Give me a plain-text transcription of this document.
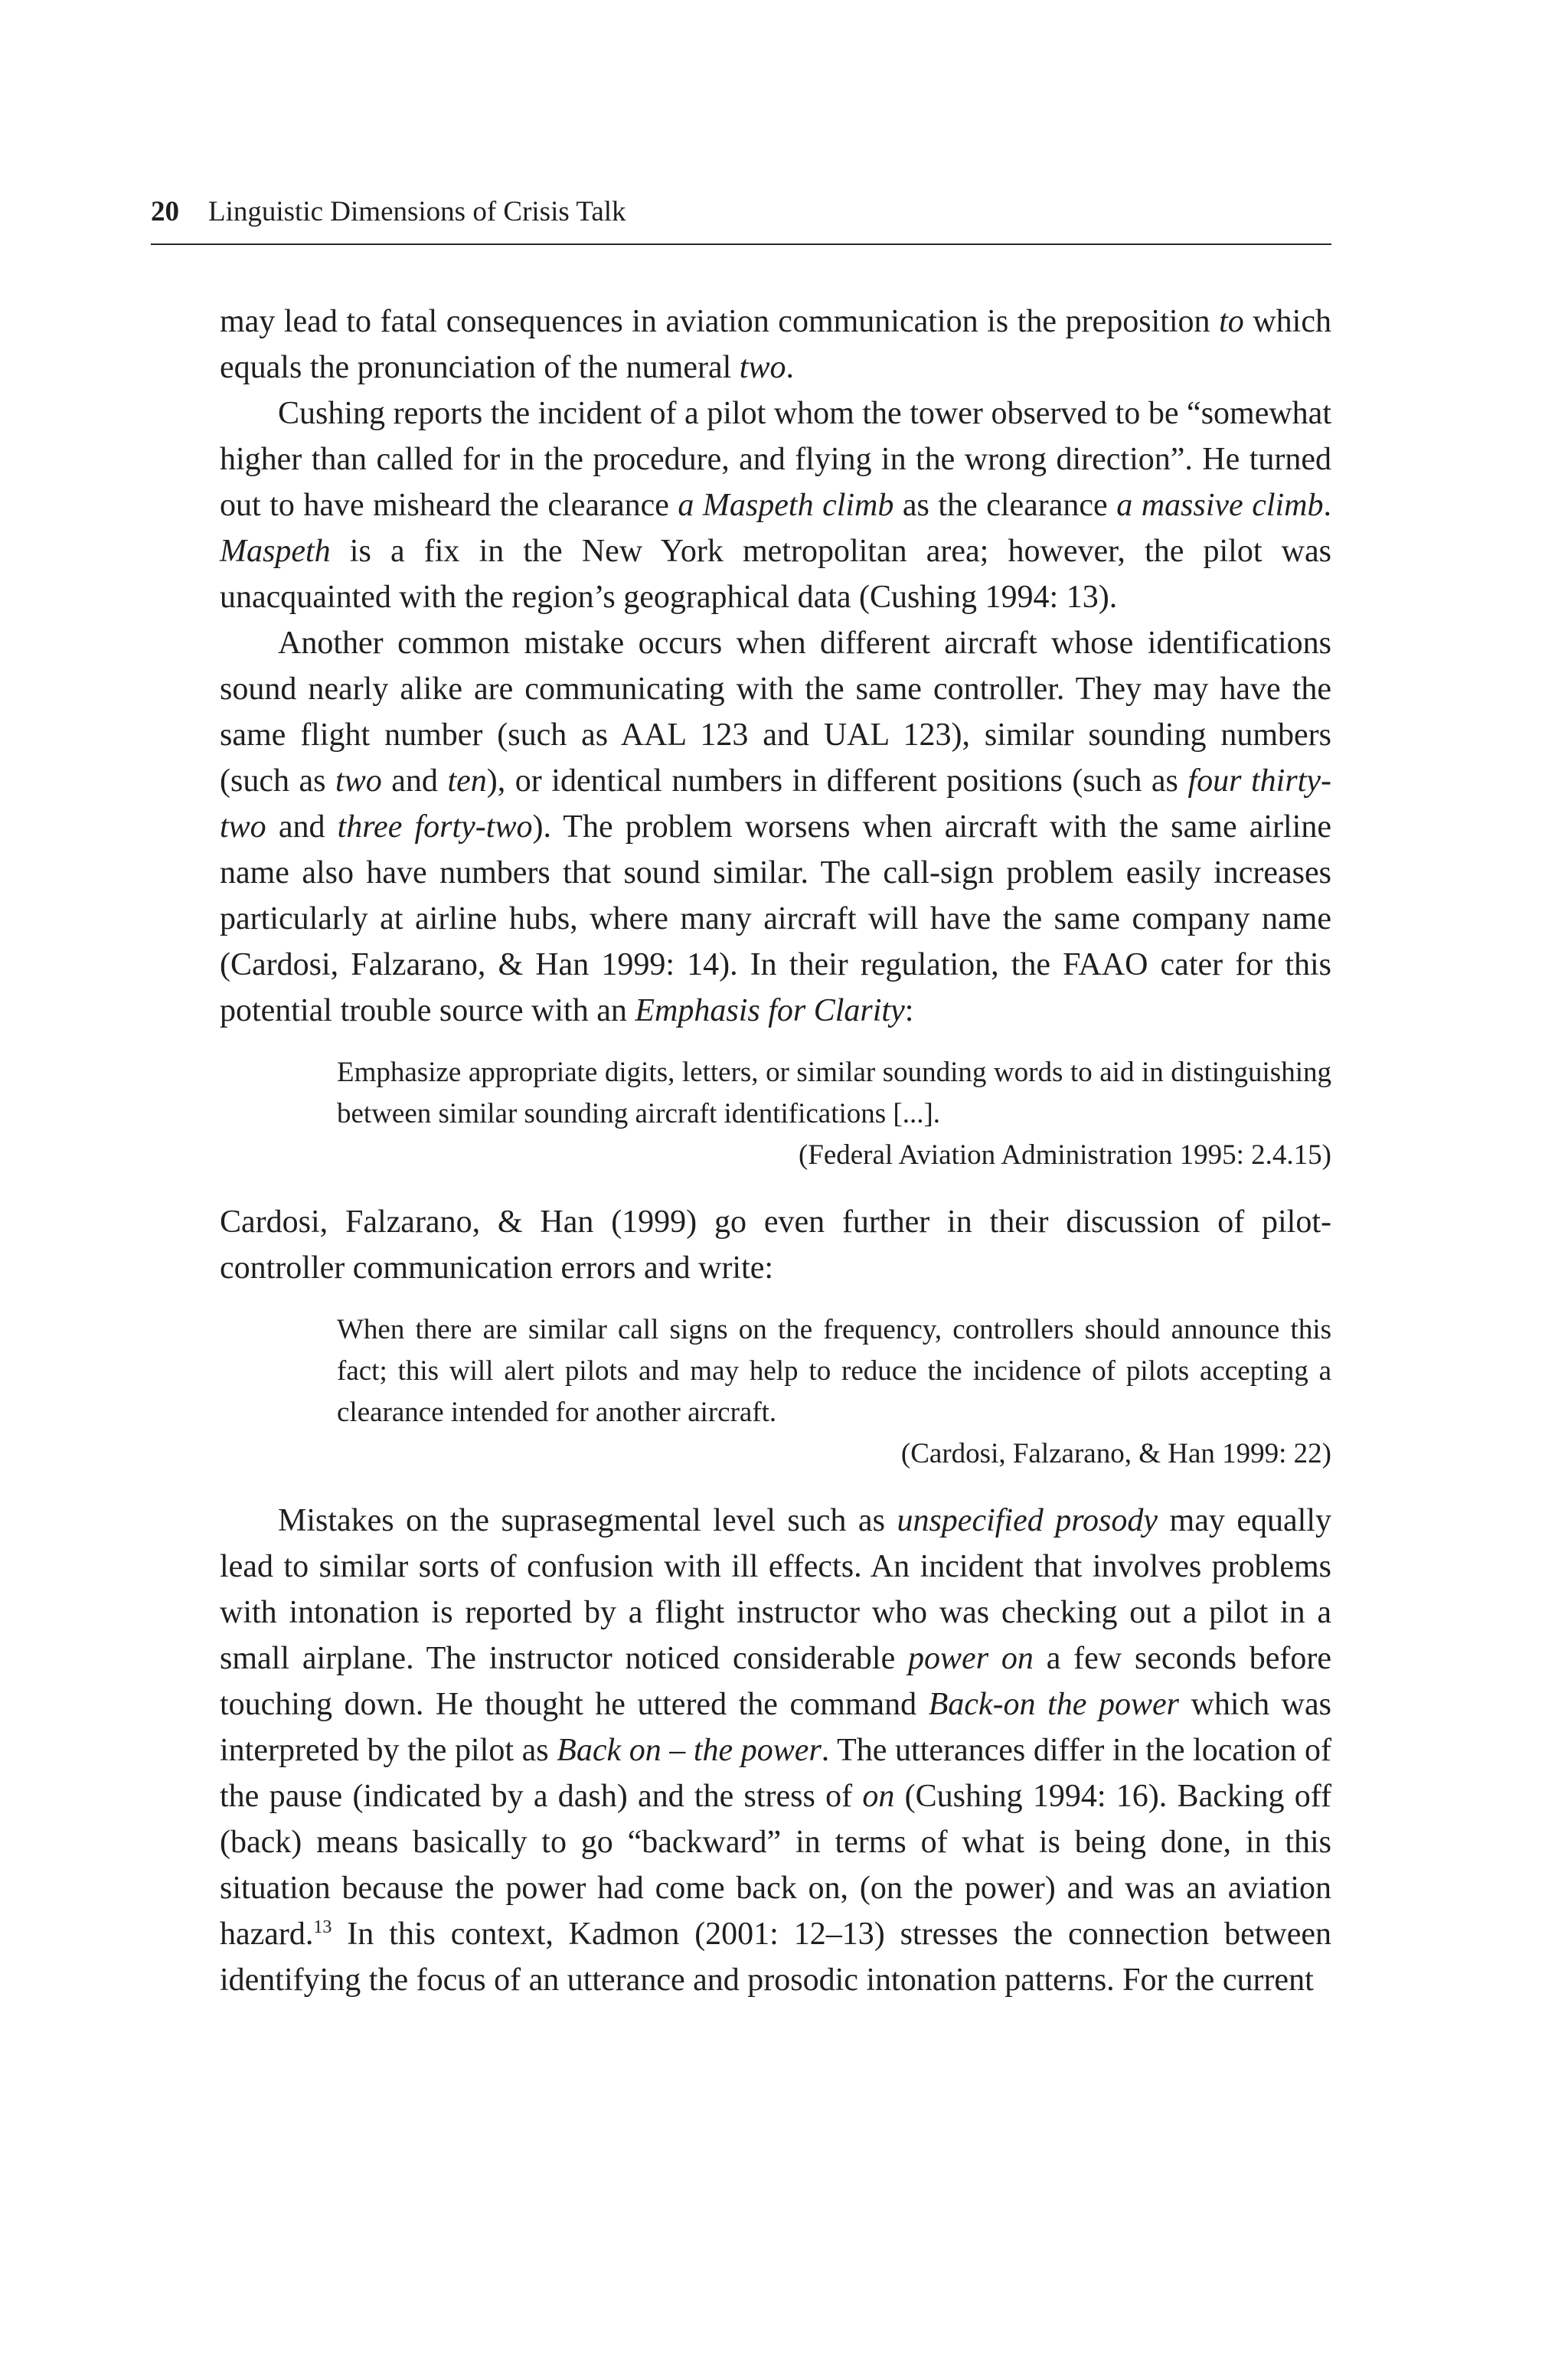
20 Linguistic Dimensions of Crisis Talk

may lead to fatal consequences in aviation communication is the preposition to which equals the pronunciation of the numeral two.

Cushing reports the incident of a pilot whom the tower observed to be “somewhat higher than called for in the procedure, and flying in the wrong direction”. He turned out to have misheard the clearance a Maspeth climb as the clearance a massive climb. Maspeth is a fix in the New York metropolitan area; however, the pilot was unacquainted with the region’s geographical data (Cushing 1994: 13).

Another common mistake occurs when different aircraft whose identifications sound nearly alike are communicating with the same controller. They may have the same flight number (such as AAL 123 and UAL 123), similar sounding numbers (such as two and ten), or identical numbers in different positions (such as four thirty-two and three forty-two). The problem worsens when aircraft with the same airline name also have numbers that sound similar. The call-sign problem easily increases particularly at airline hubs, where many aircraft will have the same company name (Cardosi, Falzarano, & Han 1999: 14). In their regulation, the FAAO cater for this potential trouble source with an Emphasis for Clarity:

Emphasize appropriate digits, letters, or similar sounding words to aid in distinguishing between similar sounding aircraft identifications [...].
(Federal Aviation Administration 1995: 2.4.15)

Cardosi, Falzarano, & Han (1999) go even further in their discussion of pilot-controller communication errors and write:

When there are similar call signs on the frequency, controllers should announce this fact; this will alert pilots and may help to reduce the incidence of pilots accepting a clearance intended for another aircraft.
(Cardosi, Falzarano, & Han 1999: 22)

Mistakes on the suprasegmental level such as unspecified prosody may equally lead to similar sorts of confusion with ill effects. An incident that involves problems with intonation is reported by a flight instructor who was checking out a pilot in a small airplane. The instructor noticed considerable power on a few seconds before touching down. He thought he uttered the command Back-on the power which was interpreted by the pilot as Back on – the power. The utterances differ in the location of the pause (indicated by a dash) and the stress of on (Cushing 1994: 16). Backing off (back) means basically to go “backward” in terms of what is being done, in this situation because the power had come back on, (on the power) and was an aviation hazard.$^{13}$ In this context, Kadmon (2001: 12–13) stresses the connection between identifying the focus of an utterance and prosodic intonation patterns. For the current
